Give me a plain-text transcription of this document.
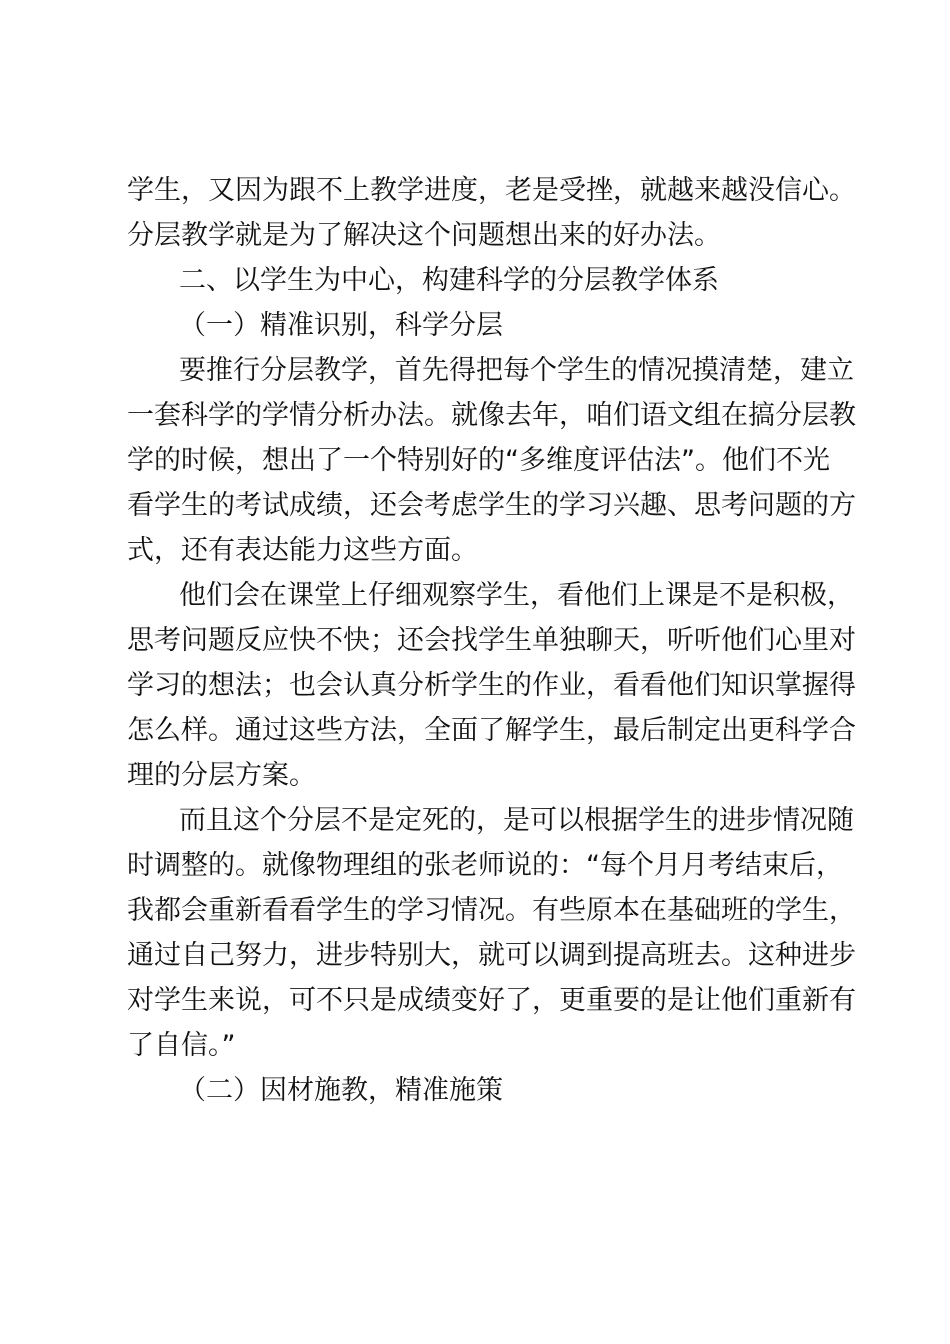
学生，又因为跟不上教学进度，老是受挫，就越来越没信心。
分层教学就是为了解决这个问题想出来的好办法。
二、以学生为中心，构建科学的分层教学体系
（一）精准识别，科学分层
要推行分层教学，首先得把每个学生的情况摸清楚，建立
一套科学的学情分析办法。就像去年，咱们语文组在搞分层教
学的时候，想出了一个特别好的“多维度评估法”。他们不光
看学生的考试成绩，还会考虑学生的学习兴趣、思考问题的方
式，还有表达能力这些方面。
他们会在课堂上仔细观察学生，看他们上课是不是积极，
思考问题反应快不快；还会找学生单独聊天，听听他们心里对
学习的想法；也会认真分析学生的作业，看看他们知识掌握得
怎么样。通过这些方法，全面了解学生，最后制定出更科学合
理的分层方案。
而且这个分层不是定死的，是可以根据学生的进步情况随
时调整的。就像物理组的张老师说的：“每个月月考结束后，
我都会重新看看学生的学习情况。有些原本在基础班的学生，
通过自己努力，进步特别大，就可以调到提高班去。这种进步
对学生来说，可不只是成绩变好了，更重要的是让他们重新有
了自信。”
（二）因材施教，精准施策
